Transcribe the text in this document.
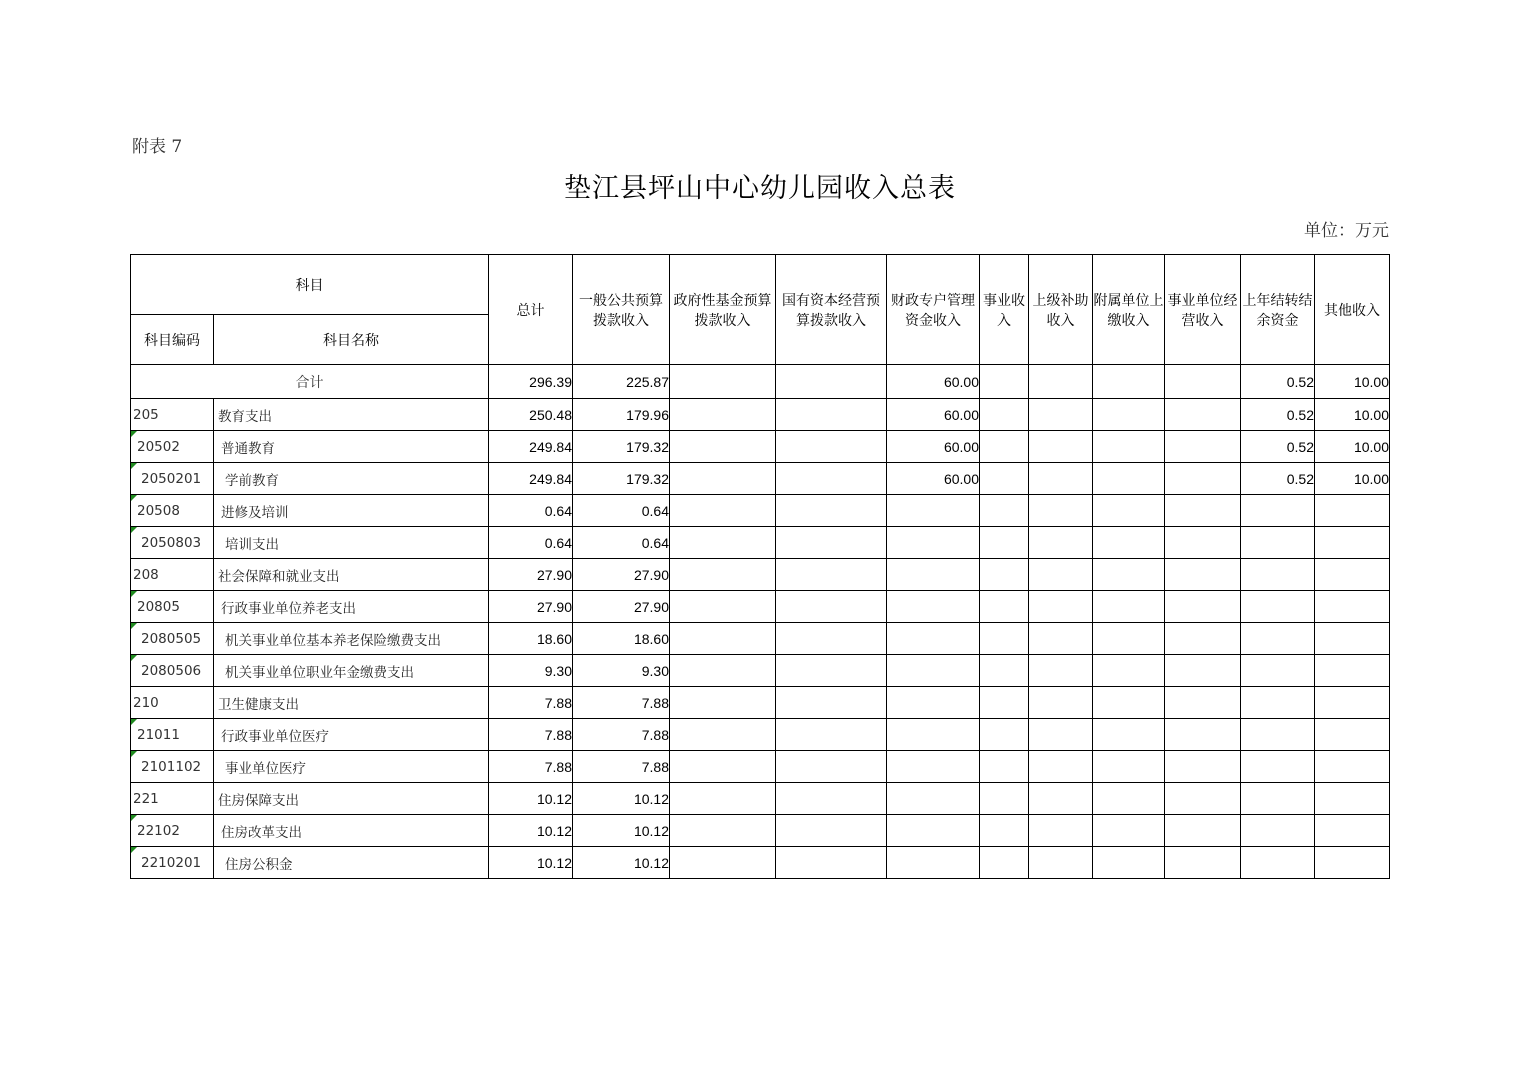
附表 7
垫江县坪山中心幼儿园收入总表
单位：万元
科目		总计	一般公共预算拨款收入	政府性基金预算拨款收入	国有资本经营预算拨款收入	财政专户管理资金收入	事业收入	上级补助收入	附属单位上缴收入	事业单位经营收入	上年结转结余资金	其他收入
科目编码	科目名称											
合计		296.39	225.87			60.00					0.52	10.00
205	教育支出	250.48	179.96			60.00					0.52	10.00

20502	普通教育	249.84	179.32			60.00					0.52	10.00

2050201	学前教育	249.84	179.32			60.00					0.52	10.00

20508	进修及培训	0.64	0.64									

2050803	培训支出	0.64	0.64									
208	社会保障和就业支出	27.90	27.90									

20805	行政事业单位养老支出	27.90	27.90									

2080505	机关事业单位基本养老保险缴费支出	18.60	18.60									

2080506	机关事业单位职业年金缴费支出	9.30	9.30									
210	卫生健康支出	7.88	7.88									

21011	行政事业单位医疗	7.88	7.88									

2101102	事业单位医疗	7.88	7.88									
221	住房保障支出	10.12	10.12									

22102	住房改革支出	10.12	10.12									

2210201	住房公积金	10.12	10.12									
